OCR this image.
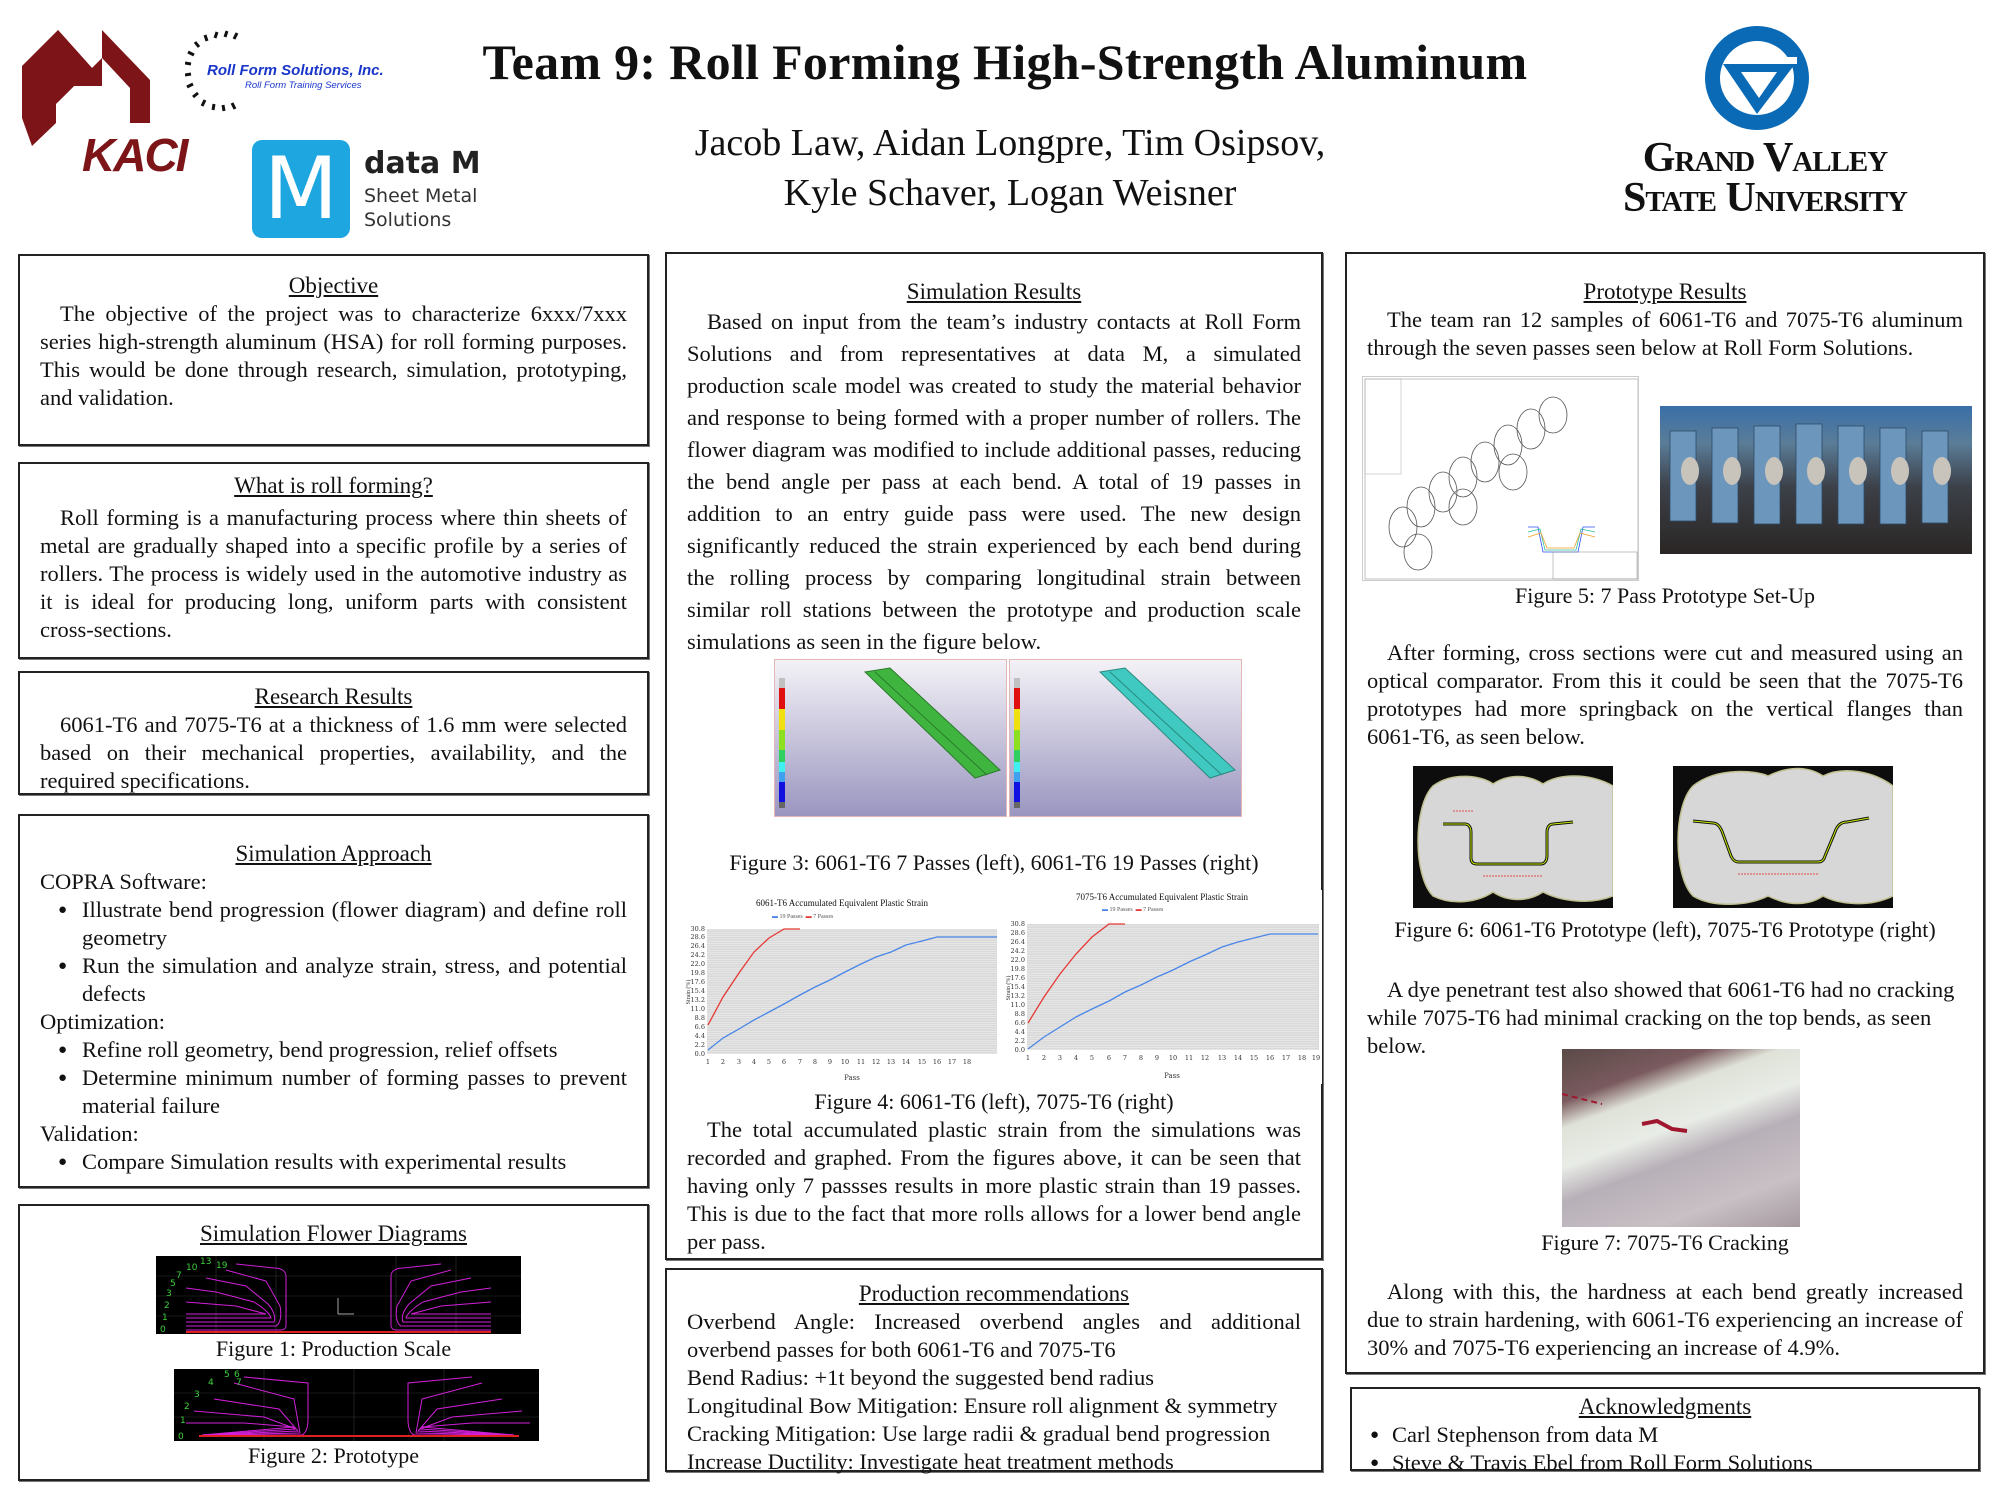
KACI
Roll Form Solutions, Inc.
Roll Form Training Services
M data M
Sheet Metal
Solutions
Team 9: Roll Forming High-Strength Aluminum
Jacob Law, Aidan Longpre, Tim Osipsov,
Kyle Schaver, Logan Weisner
Grand Valley
State University
Objective

The objective of the project was to characterize 6xxx/7xxx series high-strength aluminum (HSA) for roll forming purposes. This would be done through research, simulation, prototyping, and validation.

What is roll forming?

Roll forming is a manufacturing process where thin sheets of metal are gradually shaped into a specific profile by a series of rollers. The process is widely used in the automotive industry as it is ideal for producing long, uniform parts with consistent cross-sections.

Research Results

6061-T6 and 7075-T6 at a thickness of 1.6 mm were selected based on their mechanical properties, availability, and the required specifications.

Simulation Approach
COPRA Software:
● Illustrate bend progression (flower diagram) and define roll geometry
● Run the simulation and analyze strain, stress, and potential defects
Optimization:
● Refine roll geometry, bend progression, relief offsets
● Determine minimum number of forming passes to prevent material failure
Validation:
● Compare Simulation results with experimental results
Simulation Flower Diagrams
0
1
2
3
5
7
10
13 19
Figure 1: Production Scale
0
1
2
3
4
5 6
7
Figure 2: Prototype
Simulation Results

Based on input from the team’s industry contacts at Roll Form Solutions and from representatives at data M, a simulated production scale model was created to study the material behavior and response to being formed with a proper number of rollers. The flower diagram was modified to include additional passes, reducing the bend angle per pass at each bend. A total of 19 passes in addition to an entry guide pass were used. The new design significantly reduced the strain experienced by each bend during the rolling process by comparing longitudinal strain between similar roll stations between the prototype and production scale simulations as seen in the figure below.

Figure 3: 6061-T6 7 Passes (left), 6061-T6 19 Passes (right)
6061-T6 Accumulated Equivalent Plastic Strain
▬ 19 Passes ▬ 7 Passes
0.0
2.2
4.4
6.6
8.8
11.0
13.2
15.4
17.6
19.8
22.0
24.2
26.4
28.6
30.8
1 2 3 4 5 6 7 8 9 10 11 12 13 14 15 16 17 18
Pass
Strain (%)
7075-T6 Accumulated Equivalent Plastic Strain
▬ 19 Passes ▬ 7 Passes
0.0
2.2
4.4
6.6
8.8
11.0
13.2
15.4
17.6
19.8
22.0
24.2
26.4
28.6
30.8
1 2 3 4 5 6 7 8 9 10 11 12 13 14 15 16 17 18 19
Pass
Strain (%)
Figure 4: 6061-T6 (left), 7075-T6 (right)

The total accumulated plastic strain from the simulations was recorded and graphed. From the figures above, it can be seen that having only 7 passses results in more plastic strain than 19 passes. This is due to the fact that more rolls allows for a lower bend angle per pass.

Production recommendations

Overbend Angle: Increased overbend angles and additional overbend passes for both 6061-T6 and 7075-T6

Bend Radius: +1t beyond the suggested bend radius

Longitudinal Bow Mitigation: Ensure roll alignment & symmetry

Cracking Mitigation: Use large radii & gradual bend progression

Increase Ductility: Investigate heat treatment methods

Prototype Results

The team ran 12 samples of 6061-T6 and 7075-T6 aluminum through the seven passes seen below at Roll Form Solutions.

Figure 5: 7 Pass Prototype Set-Up

After forming, cross sections were cut and measured using an optical comparator. From this it could be seen that the 7075-T6 prototypes had more springback on the vertical flanges than 6061-T6, as seen below.

Figure 6: 6061-T6 Prototype (left), 7075-T6 Prototype (right)

A dye penetrant test also showed that 6061-T6 had no cracking while 7075-T6 had minimal cracking on the top bends, as seen below.

Figure 7: 7075-T6 Cracking

Along with this, the hardness at each bend greatly increased due to strain hardening, with 6061-T6 experiencing an increase of 30% and 7075-T6 experiencing an increase of 4.9%.

Acknowledgments
● Carl Stephenson from data M
● Steve & Travis Ebel from Roll Form Solutions
